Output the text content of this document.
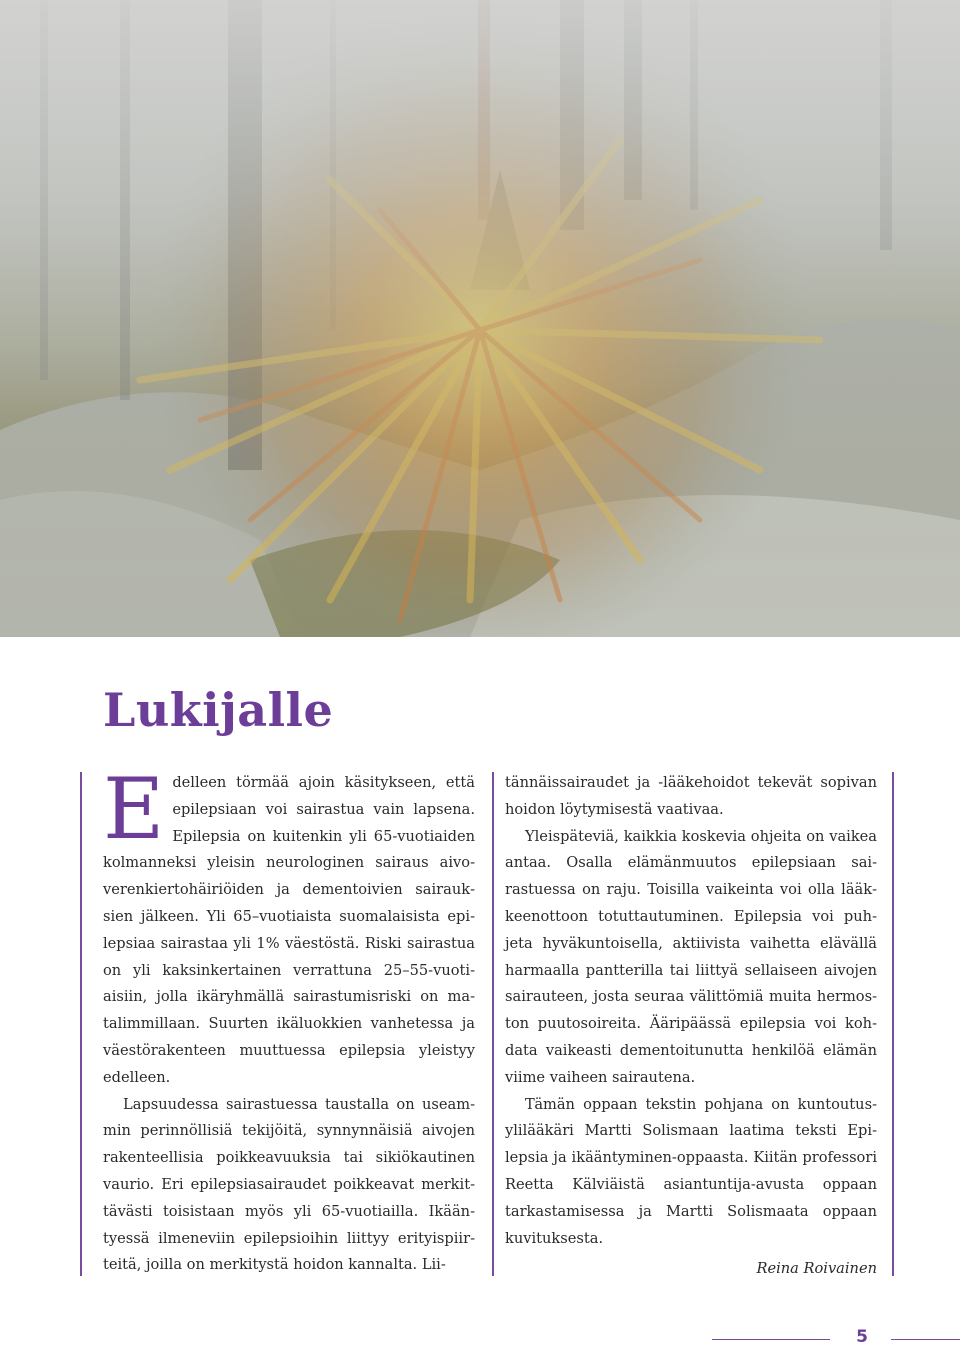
Lukijalle

Edelleen törmää ajoin käsitykseen, että epilepsiaan voi sairastua vain lapsena. Epilepsia on kuitenkin yli 65-vuotiaiden kolmanneksi yleisin neurologinen sairaus aivoverenkiertohäiriöiden ja dementoivien sairauksien jälkeen. Yli 65–vuotiaista suomalaisista epilepsiaa sairastaa yli 1% väestöstä. Riski sairastua on yli kaksinkertainen verrattuna 25–55-vuotiaisiin, jolla ikäryhmällä sairastumisriski on matalimmillaan. Suurten ikäluokkien vanhetessa ja väestörakenteen muuttuessa epilepsia yleistyy edelleen.

Lapsuudessa sairastuessa taustalla on useammin perinnöllisiä tekijöitä, synnynnäisiä aivojen rakenteellisia poikkeavuuksia tai sikiökautinen vaurio. Eri epilepsiasairaudet poikkeavat merkittävästi toisistaan myös yli 65-vuotiailla. Ikääntyessä ilmeneviin epilepsioihin liittyy erityispiirteitä, joilla on merkitystä hoidon kannalta. Lii-

tännäissairaudet ja -lääkehoidot tekevät sopivan hoidon löytymisestä vaativaa.

Yleispäteviä, kaikkia koskevia ohjeita on vaikea antaa. Osalla elämänmuutos epilepsiaan sairastuessa on raju. Toisilla vaikeinta voi olla lääkkeenottoon totuttautuminen. Epilepsia voi puhjeta hyväkuntoisella, aktiivista vaihetta elävällä harmaalla pantterilla tai liittyä sellaiseen aivojen sairauteen, josta seuraa välittömiä muita hermoston puutosoireita. Ääripäässä epilepsia voi kohdata vaikeasti dementoitunutta henkilöä elämän viime vaiheen sairautena.

Tämän oppaan tekstin pohjana on kuntoutusylilääkäri Martti Solismaan laatima teksti Epilepsia ja ikääntyminen-oppaasta. Kiitän professori Reetta Kälviäistä asiantuntija-avusta oppaan tarkastamisessa ja Martti Solismaata oppaan kuvituksesta.

Reina Roivainen

5
